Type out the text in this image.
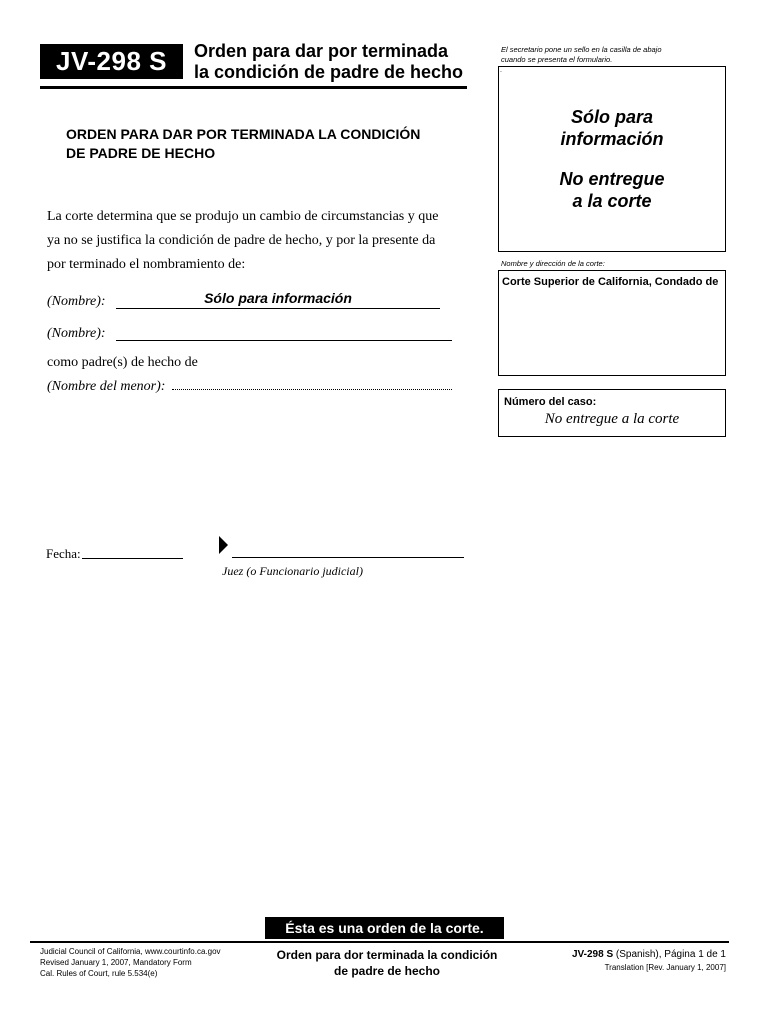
JV-298 S Orden para dar por terminada
la condición de padre de hecho
El secretario pone un sello en la casilla de abajo
cuando se presenta el formulario.
.
Sólo para
información
No entregue
a la corte
Nombre y dirección de la corte:
Corte Superior de California, Condado de
Número del caso:
No entregue a la corte
ORDEN PARA DAR POR TERMINADA LA CONDICIÓN
DE PADRE DE HECHO
La corte determina que se produjo un cambio de circumstancias y que
ya no se justifica la condición de padre de hecho, y por la presente da
por terminado el nombramiento de:
(Nombre):	Sólo para información
(Nombre):
como padre(s) de hecho de
(Nombre del menor):
Fecha:
Juez (o Funcionario judicial)
Ésta es una orden de la corte.
Judicial Council of California, www.courtinfo.ca.gov
Revised January 1, 2007, Mandatory Form
Cal. Rules of Court, rule 5.534(e)
Orden para dor terminada la condición
de padre de hecho
JV-298 S (Spanish), Página 1 de 1
Translation [Rev. January 1, 2007]
